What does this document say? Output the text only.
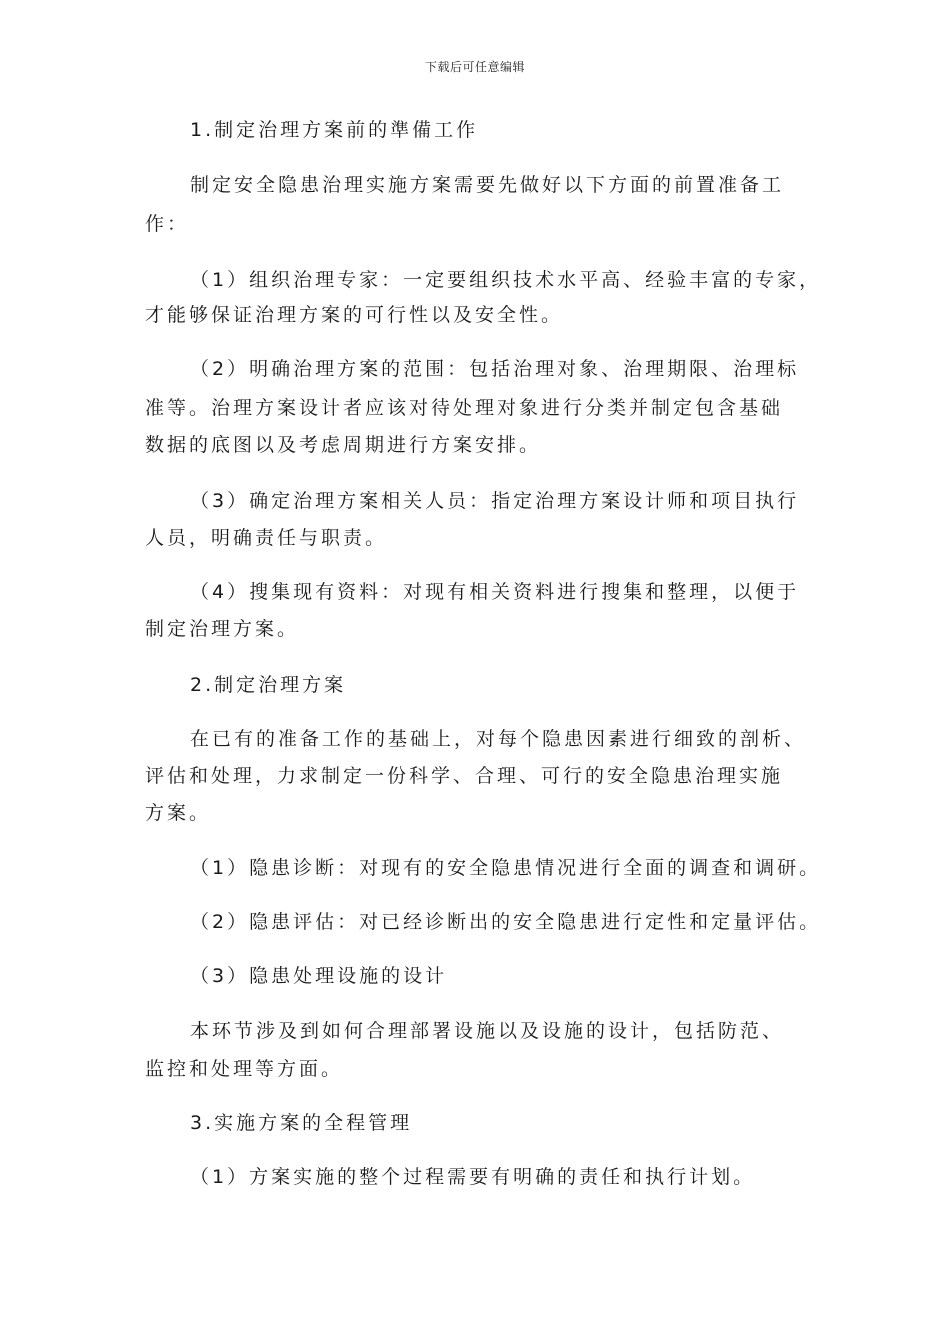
下载后可任意编辑
1.制定治理方案前的準備工作
制定安全隐患治理实施方案需要先做好以下方面的前置准备工
作：
（1）组织治理专家：一定要组织技术水平高、经验丰富的专家，
才能够保证治理方案的可行性以及安全性。
（2）明确治理方案的范围：包括治理对象、治理期限、治理标
准等。治理方案设计者应该对待处理对象进行分类并制定包含基础
数据的底图以及考虑周期进行方案安排。
（3）确定治理方案相关人员：指定治理方案设计师和项目执行
人员，明确责任与职责。
（4）搜集现有资料：对现有相关资料进行搜集和整理，以便于
制定治理方案。
2.制定治理方案
在已有的准备工作的基础上，对每个隐患因素进行细致的剖析、
评估和处理，力求制定一份科学、合理、可行的安全隐患治理实施
方案。
（1）隐患诊断：对现有的安全隐患情况进行全面的调查和调研。
（2）隐患评估：对已经诊断出的安全隐患进行定性和定量评估。
（3）隐患处理设施的设计
本环节涉及到如何合理部署设施以及设施的设计，包括防范、
监控和处理等方面。
3.实施方案的全程管理
（1）方案实施的整个过程需要有明确的责任和执行计划。
